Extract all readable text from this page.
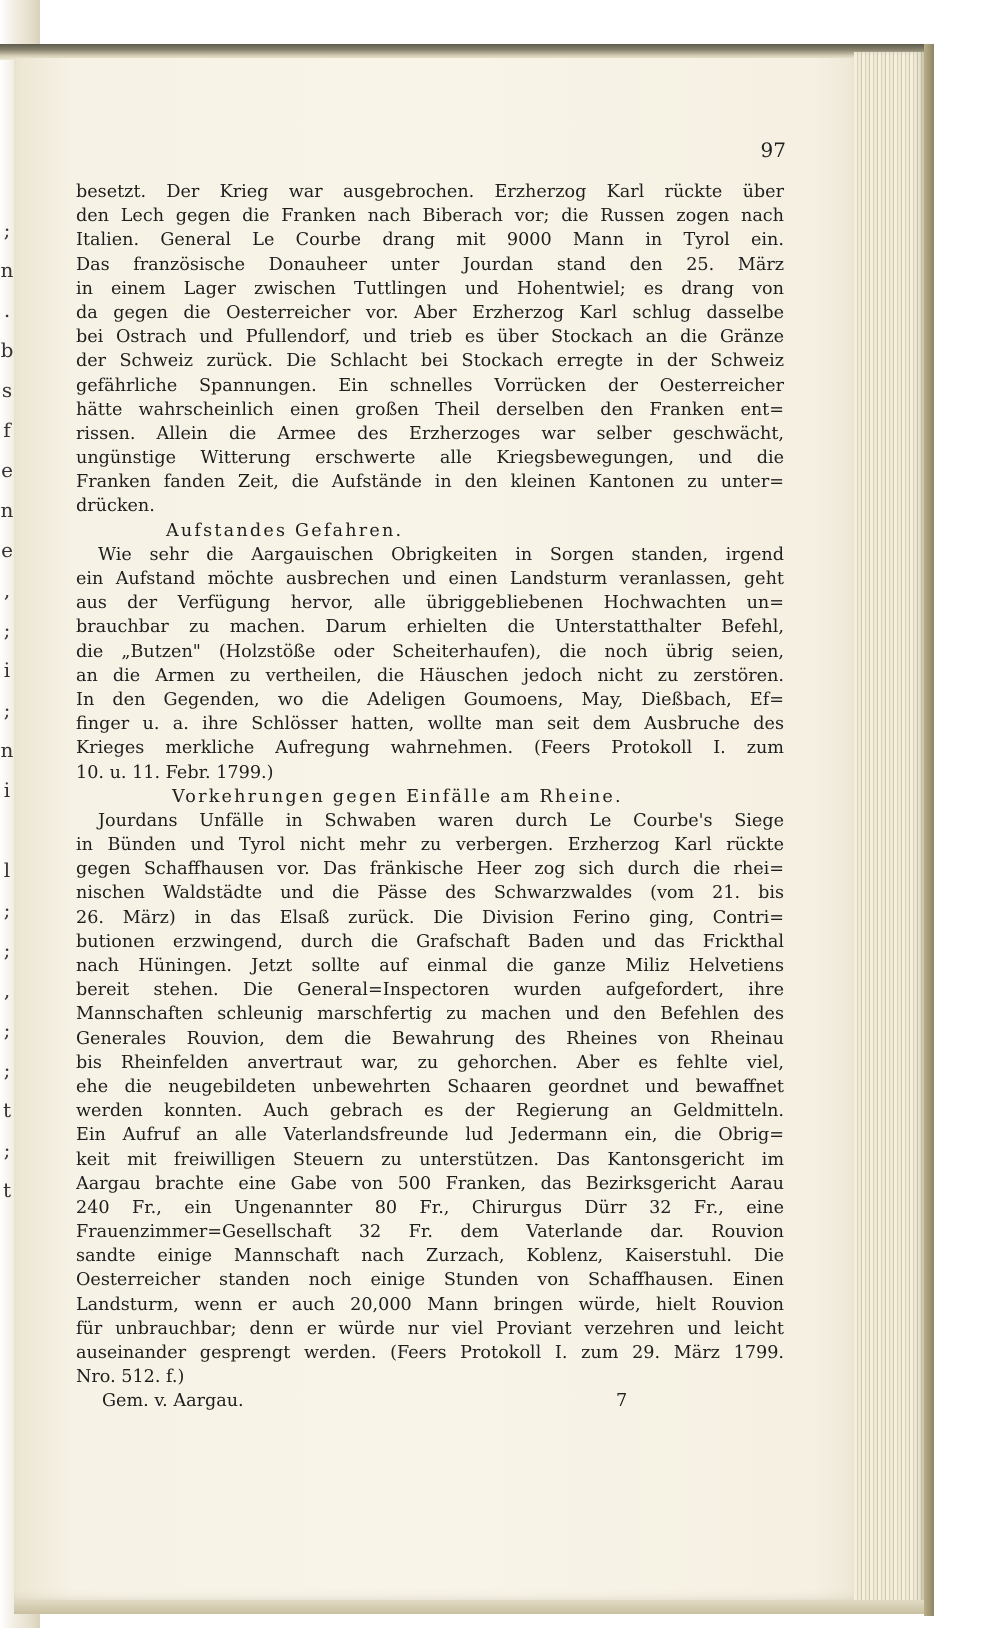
;
n
.
b
s
f
e
n
e
,
;
i
;
n
i
l
;
;
,
;
;
t
;
t
97
besetzt. Der Krieg war ausgebrochen. Erzherzog Karl rückte über
den Lech gegen die Franken nach Biberach vor; die Russen zogen nach
Italien. General Le Courbe drang mit 9000 Mann in Tyrol ein.
Das französische Donauheer unter Jourdan stand den 25. März
in einem Lager zwischen Tuttlingen und Hohentwiel; es drang von
da gegen die Oesterreicher vor. Aber Erzherzog Karl schlug dasselbe
bei Ostrach und Pfullendorf, und trieb es über Stockach an die Gränze
der Schweiz zurück. Die Schlacht bei Stockach erregte in der Schweiz
gefährliche Spannungen. Ein schnelles Vorrücken der Oesterreicher
hätte wahrscheinlich einen großen Theil derselben den Franken ent=
rissen. Allein die Armee des Erzherzoges war selber geschwächt,
ungünstige Witterung erschwerte alle Kriegsbewegungen, und die
Franken fanden Zeit, die Aufstände in den kleinen Kantonen zu unter=
drücken.
Aufstandes Gefahren.
Wie sehr die Aargauischen Obrigkeiten in Sorgen standen, irgend
ein Aufstand möchte ausbrechen und einen Landsturm veranlassen, geht
aus der Verfügung hervor, alle übriggebliebenen Hochwachten un=
brauchbar zu machen. Darum erhielten die Unterstatthalter Befehl,
die „Butzen" (Holzstöße oder Scheiterhaufen), die noch übrig seien,
an die Armen zu vertheilen, die Häuschen jedoch nicht zu zerstören.
In den Gegenden, wo die Adeligen Goumoens, May, Dießbach, Ef=
finger u. a. ihre Schlösser hatten, wollte man seit dem Ausbruche des
Krieges merkliche Aufregung wahrnehmen. (Feers Protokoll I. zum
10. u. 11. Febr. 1799.)
Vorkehrungen gegen Einfälle am Rheine.
Jourdans Unfälle in Schwaben waren durch Le Courbe's Siege
in Bünden und Tyrol nicht mehr zu verbergen. Erzherzog Karl rückte
gegen Schaffhausen vor. Das fränkische Heer zog sich durch die rhei=
nischen Waldstädte und die Pässe des Schwarzwaldes (vom 21. bis
26. März) in das Elsaß zurück. Die Division Ferino ging, Contri=
butionen erzwingend, durch die Grafschaft Baden und das Frickthal
nach Hüningen. Jetzt sollte auf einmal die ganze Miliz Helvetiens
bereit stehen. Die General=Inspectoren wurden aufgefordert, ihre
Mannschaften schleunig marschfertig zu machen und den Befehlen des
Generales Rouvion, dem die Bewahrung des Rheines von Rheinau
bis Rheinfelden anvertraut war, zu gehorchen. Aber es fehlte viel,
ehe die neugebildeten unbewehrten Schaaren geordnet und bewaffnet
werden konnten. Auch gebrach es der Regierung an Geldmitteln.
Ein Aufruf an alle Vaterlandsfreunde lud Jedermann ein, die Obrig=
keit mit freiwilligen Steuern zu unterstützen. Das Kantonsgericht im
Aargau brachte eine Gabe von 500 Franken, das Bezirksgericht Aarau
240 Fr., ein Ungenannter 80 Fr., Chirurgus Dürr 32 Fr., eine
Frauenzimmer=Gesellschaft 32 Fr. dem Vaterlande dar. Rouvion
sandte einige Mannschaft nach Zurzach, Koblenz, Kaiserstuhl. Die
Oesterreicher standen noch einige Stunden von Schaffhausen. Einen
Landsturm, wenn er auch 20,000 Mann bringen würde, hielt Rouvion
für unbrauchbar; denn er würde nur viel Proviant verzehren und leicht
auseinander gesprengt werden. (Feers Protokoll I. zum 29. März 1799.
Nro. 512. f.)
Gem. v. Aargau.	7
